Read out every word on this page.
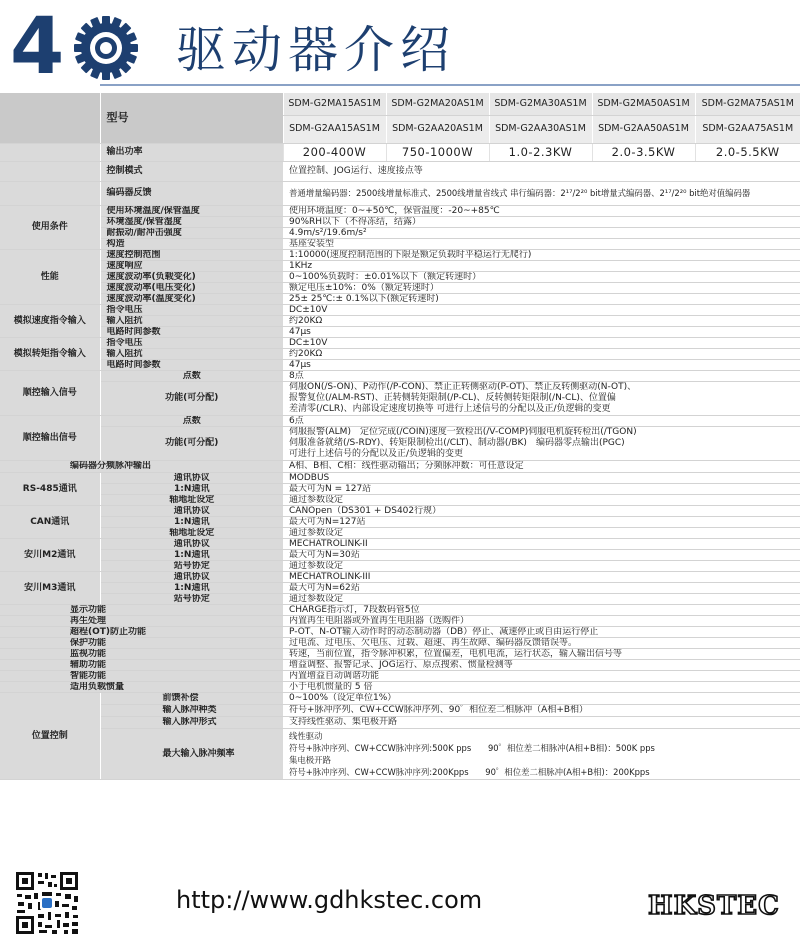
4 驱动器介绍
	型号	SDM-G2MA15AS1M	SDM-G2MA20AS1M	SDM-G2MA30AS1M	SDM-G2MA50AS1M	SDM-G2MA75AS1M
		SDM-G2AA15AS1M	SDM-G2AA20AS1M	SDM-G2AA30AS1M	SDM-G2AA50AS1M	SDM-G2AA75AS1M
	输出功率	200-400W	750-1000W	1.0-2.3KW	2.0-3.5KW	2.0-5.5KW
	控制模式	位置控制、JOG运行、速度接点等				
	编码器反馈	普通增量编码器：2500线增量标准式、2500线增量省线式 串行编码器：2¹⁷/2²⁰ bit增量式编码器、2¹⁷/2²⁰ bit绝对值编码器				
使用条件	使用环境温度/保管温度	使用环境温度：0~+50℃，保管温度：-20~+85℃				
	环境湿度/保管湿度	90%RH以下（不得冻结，结露）				
	耐振动/耐冲击强度	4.9m/s²/19.6m/s²				
	构造	基座安装型				
性能	速度控制范围	1:10000(速度控制范围的下限是额定负载时平稳运行无爬行)				
	速度响应	1KHz				
	速度波动率(负载变化)	0~100%负载时：±0.01%以下（额定转速时）				
	速度波动率(电压变化)	额定电压±10%：0%（额定转速时）				
	速度波动率(温度变化)	25± 25℃:± 0.1%以下(额定转速时)				
模拟速度指令输入	指令电压	DC±10V				
	输入阻抗	约20KΩ				
	电路时间参数	47μs				
模拟转矩指令输入	指令电压	DC±10V				
	输入阻抗	约20KΩ				
	电路时间参数	47μs				
顺控输入信号	点数	8点				
	功能(可分配)	伺服ON(/S-ON)、P动作(/P-CON)、禁止正转侧驱动(P-OT)、禁止反转侧驱动(N-OT)、
报警复位(/ALM-RST)、正转侧转矩限制(/P-CL)、反转侧转矩限制(/N-CL)、位置偏
差清零(/CLR)、内部设定速度切换等 可进行上述信号的分配以及正/负逻辑的变更				

顺控输出信号	点数	6点				
	功能(可分配)	伺服报警(ALM)　定位完成(/COIN)速度一致检出(/V-COMP)伺服电机旋转检出(/TGON)
伺服准备就绪(/S-RDY)、转矩限制检出(/CLT)、制动器(/BK)　编码器零点输出(PGC)
可进行上述信号的分配以及正/负逻辑的变更				

编码器分频脉冲输出		A相、B相、C相：线性驱动输出；分频脉冲数：可任意设定				
RS-485通讯	通讯协议	MODBUS				
	1:N通讯	最大可为N = 127站				
	轴地址设定	通过参数设定				
CAN通讯	通讯协议	CANOpen（DS301 + DS402行规）				
	1:N通讯	最大可为N=127站				
	轴地址设定	通过参数设定				
安川M2通讯	通讯协议	MECHATROLINK-II				
	1:N通讯	最大可为N=30站				
	站号协定	通过参数设定				
安川M3通讯	通讯协议	MECHATROLINK-III				
	1:N通讯	最大可为N=62站				
	站号协定	通过参数设定				
显示功能		CHARGE指示灯，7段数码管5位				
再生处理		内置再生电阻器或外置再生电阻器（选购件）				
超程(OT)防止功能		P-OT、N-OT输入动作时的动态制动器（DB）停止、减速停止或自由运行停止				
保护功能		过电流、过电压、欠电压、过载、超速、再生故障、编码器反馈错误等。				
监视功能		转速，当前位置，指令脉冲积累，位置偏差，电机电流，运行状态，输入输出信号等				
辅助功能		增益调整、报警记录、JOG运行、原点搜索、惯量检测等				
智能功能		内置增益自动调谐功能				
适用负载惯量		小于电机惯量的 5 倍				
位置控制	前馈补偿	0~100%（设定单位1%）				
	输入脉冲种类	符号+脉冲序列、CW+CCW脉冲序列、90゜相位差二相脉冲（A相+B相）				
	输入脉冲形式	支持线性驱动、集电极开路				
	最大输入脉冲频率	线性驱动
符号+脉冲序列、CW+CCW脉冲序列:500K pps　　90゜相位差二相脉冲(A相+B相)：500K pps
集电极开路
符号+脉冲序列、CW+CCW脉冲序列:200Kpps　　90゜相位差二相脉冲(A相+B相)：200Kpps				
http://www.gdhkstec.com	HKSTEC
